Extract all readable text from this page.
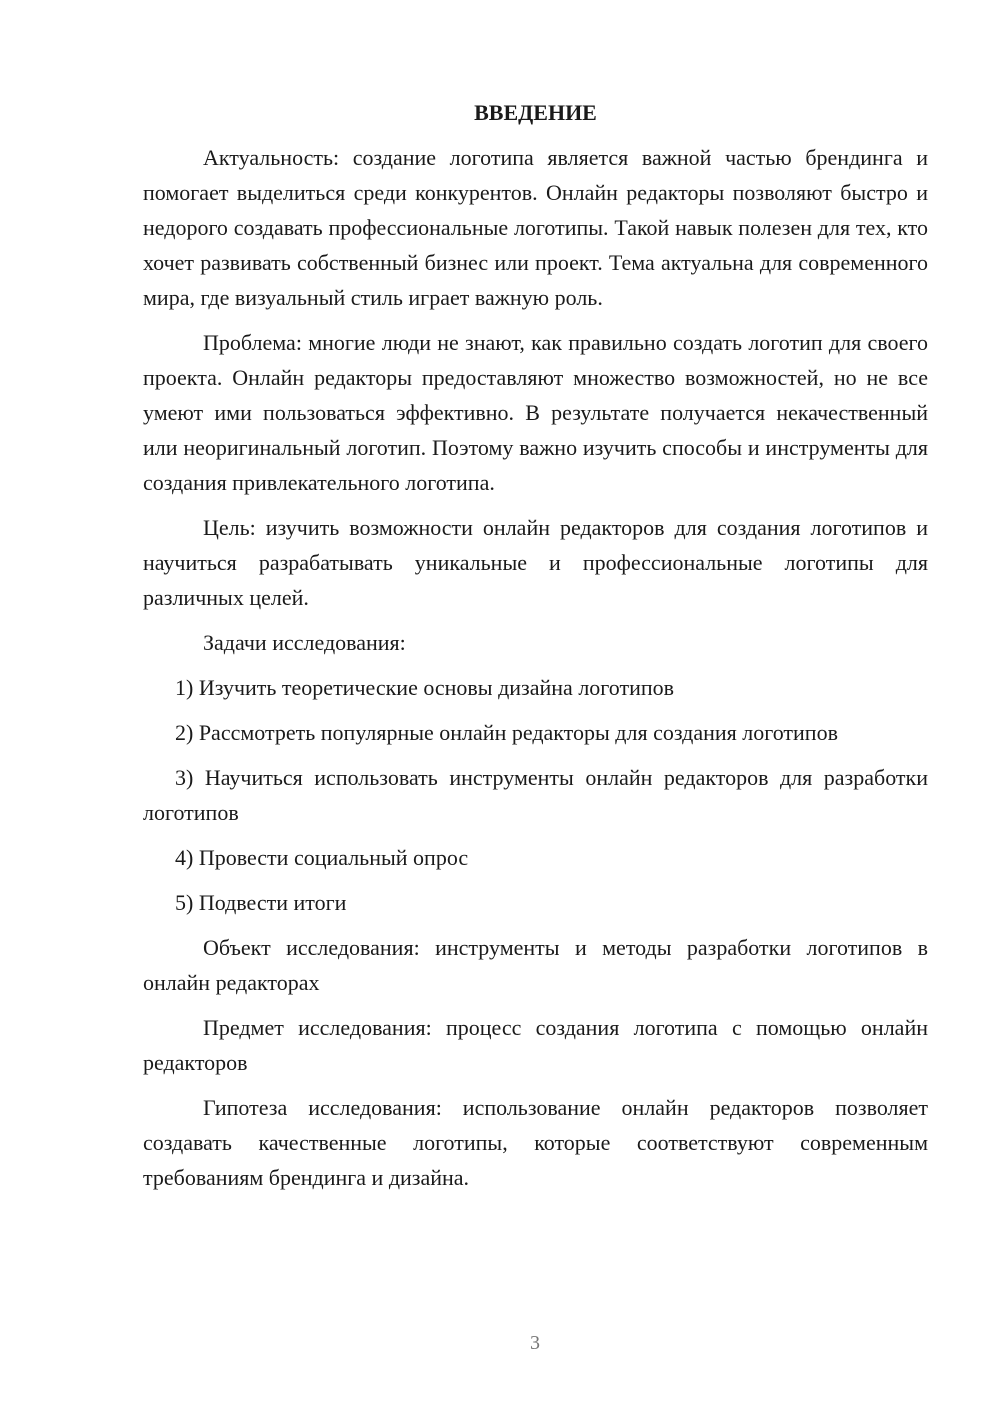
ВВЕДЕНИЕ

Актуальность: создание логотипа является важной частью брендинга и помогает выделиться среди конкурентов. Онлайн редакторы позволяют быстро и недорого создавать профессиональные логотипы. Такой навык полезен для тех, кто хочет развивать собственный бизнес или проект. Тема актуальна для современного мира, где визуальный стиль играет важную роль.

Проблема: многие люди не знают, как правильно создать логотип для своего проекта. Онлайн редакторы предоставляют множество возможностей, но не все умеют ими пользоваться эффективно. В результате получается некачественный или неоригинальный логотип. Поэтому важно изучить способы и инструменты для создания привлекательного логотипа.

Цель: изучить возможности онлайн редакторов для создания логотипов и научиться разрабатывать уникальные и профессиональные логотипы для различных целей.

Задачи исследования:

1) Изучить теоретические основы дизайна логотипов

2) Рассмотреть популярные онлайн редакторы для создания логотипов

3) Научиться использовать инструменты онлайн редакторов для разработки логотипов

4) Провести социальный опрос

5) Подвести итоги

Объект исследования: инструменты и методы разработки логотипов в онлайн редакторах

Предмет исследования: процесс создания логотипа с помощью онлайн редакторов

Гипотеза исследования: использование онлайн редакторов позволяет создавать качественные логотипы, которые соответствуют современным требованиям брендинга и дизайна.

3
